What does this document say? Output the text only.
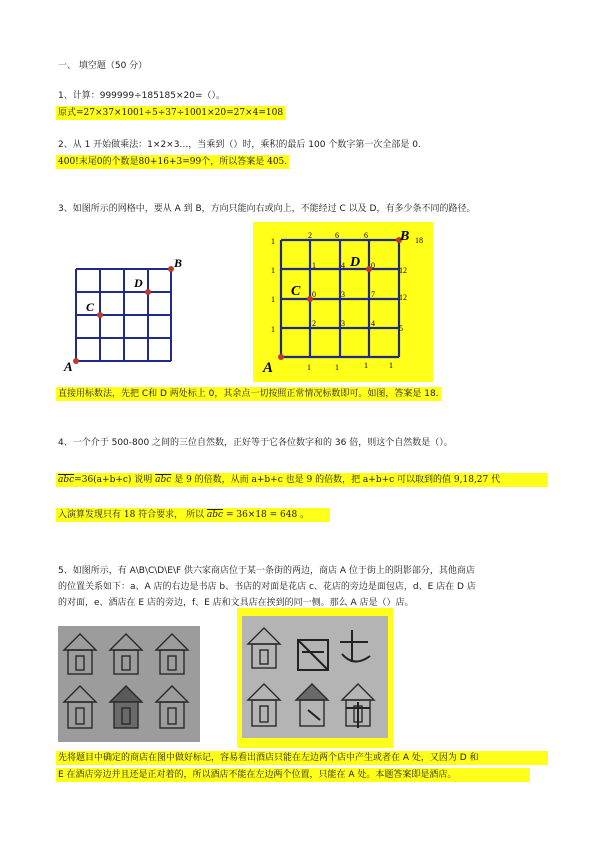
一、 填空题（50 分）
1、计算：999999÷185185×20=（）。
原式=27×37×1001÷5÷37÷1001×20=27×4=108
2、从 1 开始做乘法：1×2×3…，当乘到（）时，乘积的最后 100 个数字第一次全部是 0.
400!末尾0的个数是80+16+3=99个，所以答案是 405.
3、如图所示的网格中，要从 A 到 B，方向只能向右或向上，不能经过 C 以及 D，有多少条不同的路径。
A
B
C
D
A
B
C
D
2	6	6
18
1
1
1
1
12
12
5
1	1	1	1
1	4	0
0	3	7
2	3	4
直接用标数法，先把 C和 D 两处标上 0，其余点一切按照正常情况标数即可。如图，答案是 18.
4、一个介于 500-800 之间的三位自然数，正好等于它各位数字和的 36 倍，则这个自然数是（）。
$\overline{abc}=36(a+b+c)$ 说明 $\overline{abc}$ 是 9 的倍数，从而 a+b+c 也是 9 的倍数，把 a+b+c 可以取到的值 9,18,27 代
入演算发现只有 18 符合要求， 所以 $\overline{abc} = 36\times 18 = 648$ 。
5、如图所示，有 A\B\C\D\E\F 供六家商店位于某一条街的两边，商店 A 位于街上的阴影部分，其他商店
的位置关系如下：a、A 店的右边是书店 b、书店的对面是花店 c、花店的旁边是面包店，d、E 店在 D 店
的对面，e、酒店在 E 店的旁边，f、E 店和文具店在挨到的同一侧。那么 A 店是（）店。
先将题目中确定的商店在图中做好标记，容易看出酒店只能在左边两个店中产生或者在 A 处，又因为 D 和
E 在酒店旁边并且还是正对着的，所以酒店不能在左边两个位置，只能在 A 处。本题答案即是酒店。
